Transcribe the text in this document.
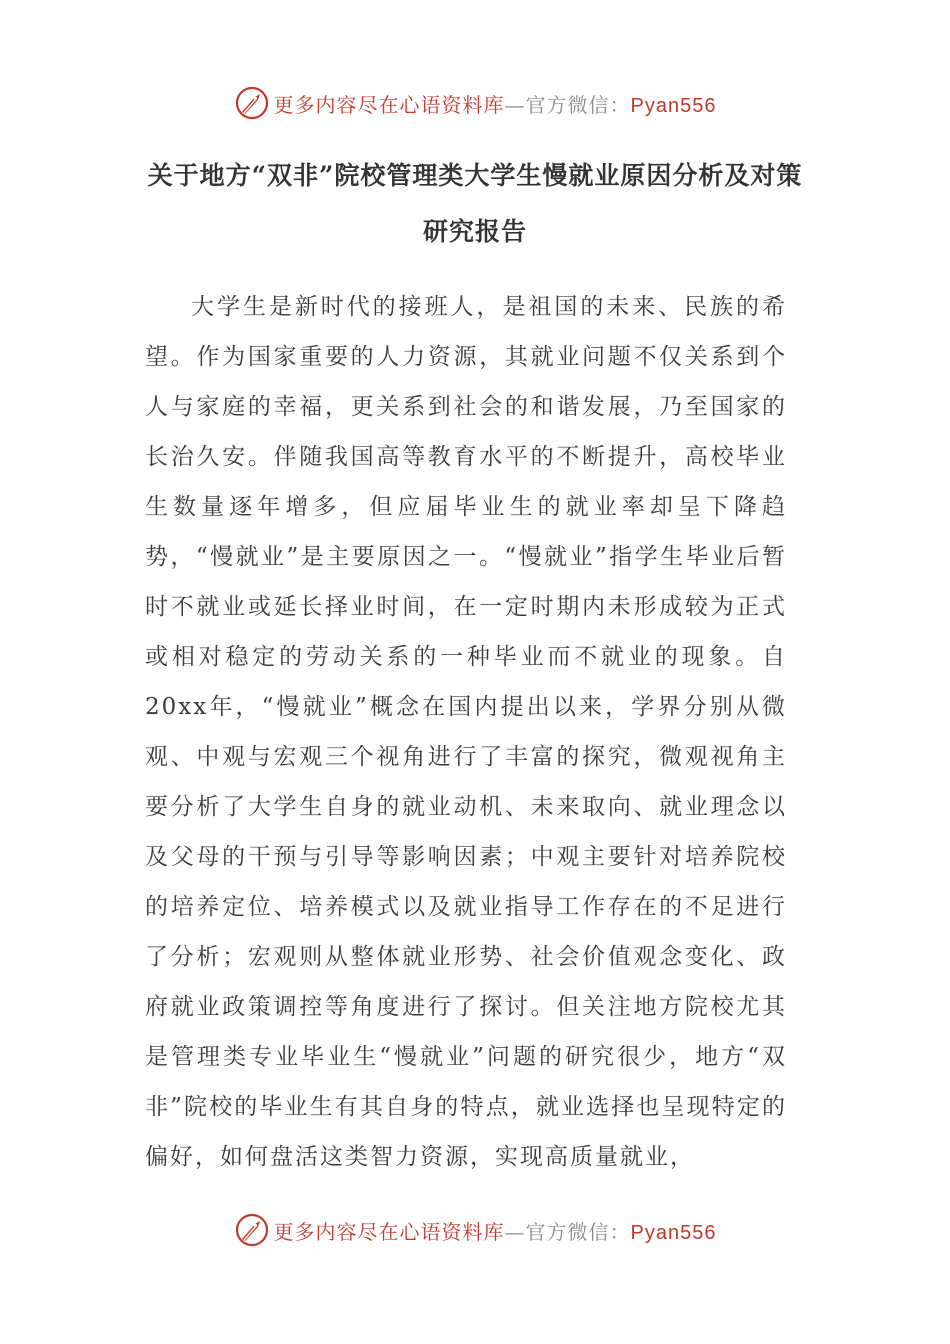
更多内容尽在心语资料库—官方微信：Pyan556
关于地方“双非”院校管理类大学生慢就业原因分析及对策研究报告

大学生是新时代的接班人，是祖国的未来、民族的希望。作为国家重要的人力资源，其就业问题不仅关系到个人与家庭的幸福，更关系到社会的和谐发展，乃至国家的长治久安。伴随我国高等教育水平的不断提升，高校毕业生数量逐年增多，但应届毕业生的就业率却呈下降趋势，“慢就业”是主要原因之一。“慢就业”指学生毕业后暂时不就业或延长择业时间，在一定时期内未形成较为正式或相对稳定的劳动关系的一种毕业而不就业的现象。自20xx年，“慢就业”概念在国内提出以来，学界分别从微观、中观与宏观三个视角进行了丰富的探究，微观视角主要分析了大学生自身的就业动机、未来取向、就业理念以及父母的干预与引导等影响因素；中观主要针对培养院校的培养定位、培养模式以及就业指导工作存在的不足进行了分析；宏观则从整体就业形势、社会价值观念变化、政府就业政策调控等角度进行了探讨。但关注地方院校尤其是管理类专业毕业生“慢就业”问题的研究很少，地方“双非”院校的毕业生有其自身的特点，就业选择也呈现特定的偏好，如何盘活这类智力资源，实现高质量就业，

更多内容尽在心语资料库—官方微信：Pyan556
